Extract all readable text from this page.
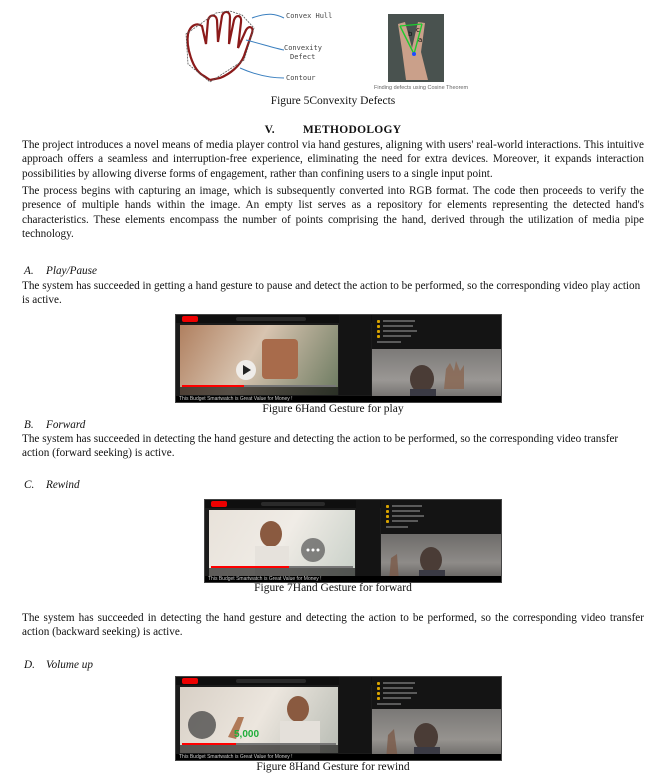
Convex Hull
Convexity
Defect
Contour
b c
a
Finding defects using Cosine Theorem
Figure 5Convexity Defects
V. METHODOLOGY
The project introduces a novel means of media player control via hand gestures, aligning with users' real-world interactions. This intuitive approach offers a seamless and interruption-free experience, eliminating the need for extra devices. Moreover, it expands interaction possibilities by allowing diverse forms of engagement, rather than confining users to a single input point.
The process begins with capturing an image, which is subsequently converted into RGB format. The code then proceeds to verify the presence of multiple hands within the image. An empty list serves as a repository for elements representing the detected hand's characteristics. These elements encompass the number of points comprising the hand, derived through the utilization of media pipe technology.
A. Play/Pause
The system has succeeded in getting a hand gesture to pause and detect the action to be performed, so the corresponding video play action is active.
This Budget Smartwatch is Great Value for Money !
Figure 6Hand Gesture for play
B. Forward
The system has succeeded in detecting the hand gesture and detecting the action to be performed, so the corresponding video transfer action (forward seeking) is active.
C. Rewind
This Budget Smartwatch is Great Value for Money !
Figure 7Hand Gesture for forward
The system has succeeded in detecting the hand gesture and detecting the action to be performed, so the corresponding video transfer action (backward seeking) is active.
D. Volume up
5,000
This Budget Smartwatch is Great Value for Money !
Figure 8Hand Gesture for rewind
